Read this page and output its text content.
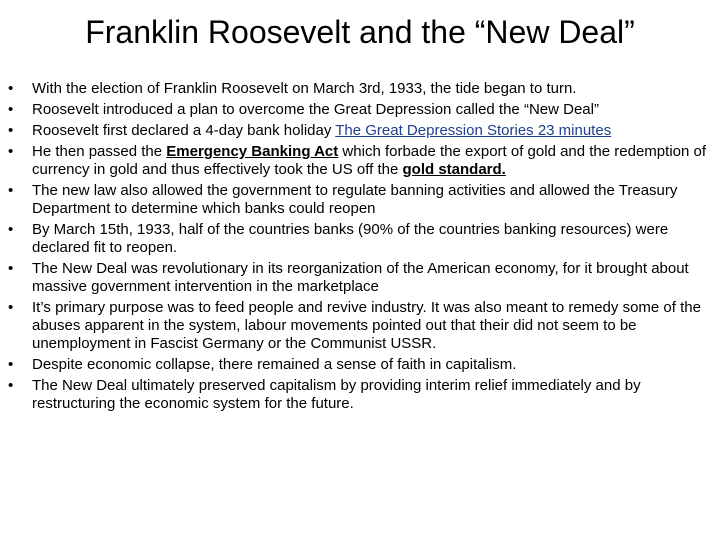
Franklin Roosevelt and the “New Deal”
• With the election of Franklin Roosevelt on March 3rd, 1933, the tide began to turn.
• Roosevelt introduced a plan to overcome the Great Depression called the “New Deal”
• Roosevelt first declared a 4-day bank holiday The Great Depression Stories 23 minutes
• He then passed the Emergency Banking Act which forbade the export of gold and the redemption of currency in gold and thus effectively took the US off the gold standard.
• The new law also allowed the government to regulate banning activities and allowed the Treasury Department to determine which banks could reopen
• By March 15th, 1933, half of the countries banks (90% of the countries banking resources) were declared fit to reopen.
• The New Deal was revolutionary in its reorganization of the American economy, for it brought about massive government intervention in the marketplace
• It’s primary purpose was to feed people and revive industry. It was also meant to remedy some of the abuses apparent in the system, labour movements pointed out that their did not seem to be unemployment in Fascist Germany or the Communist USSR.
• Despite economic collapse, there remained a sense of faith in capitalism.
• The New Deal ultimately preserved capitalism by providing interim relief immediately and by restructuring the economic system for the future.
